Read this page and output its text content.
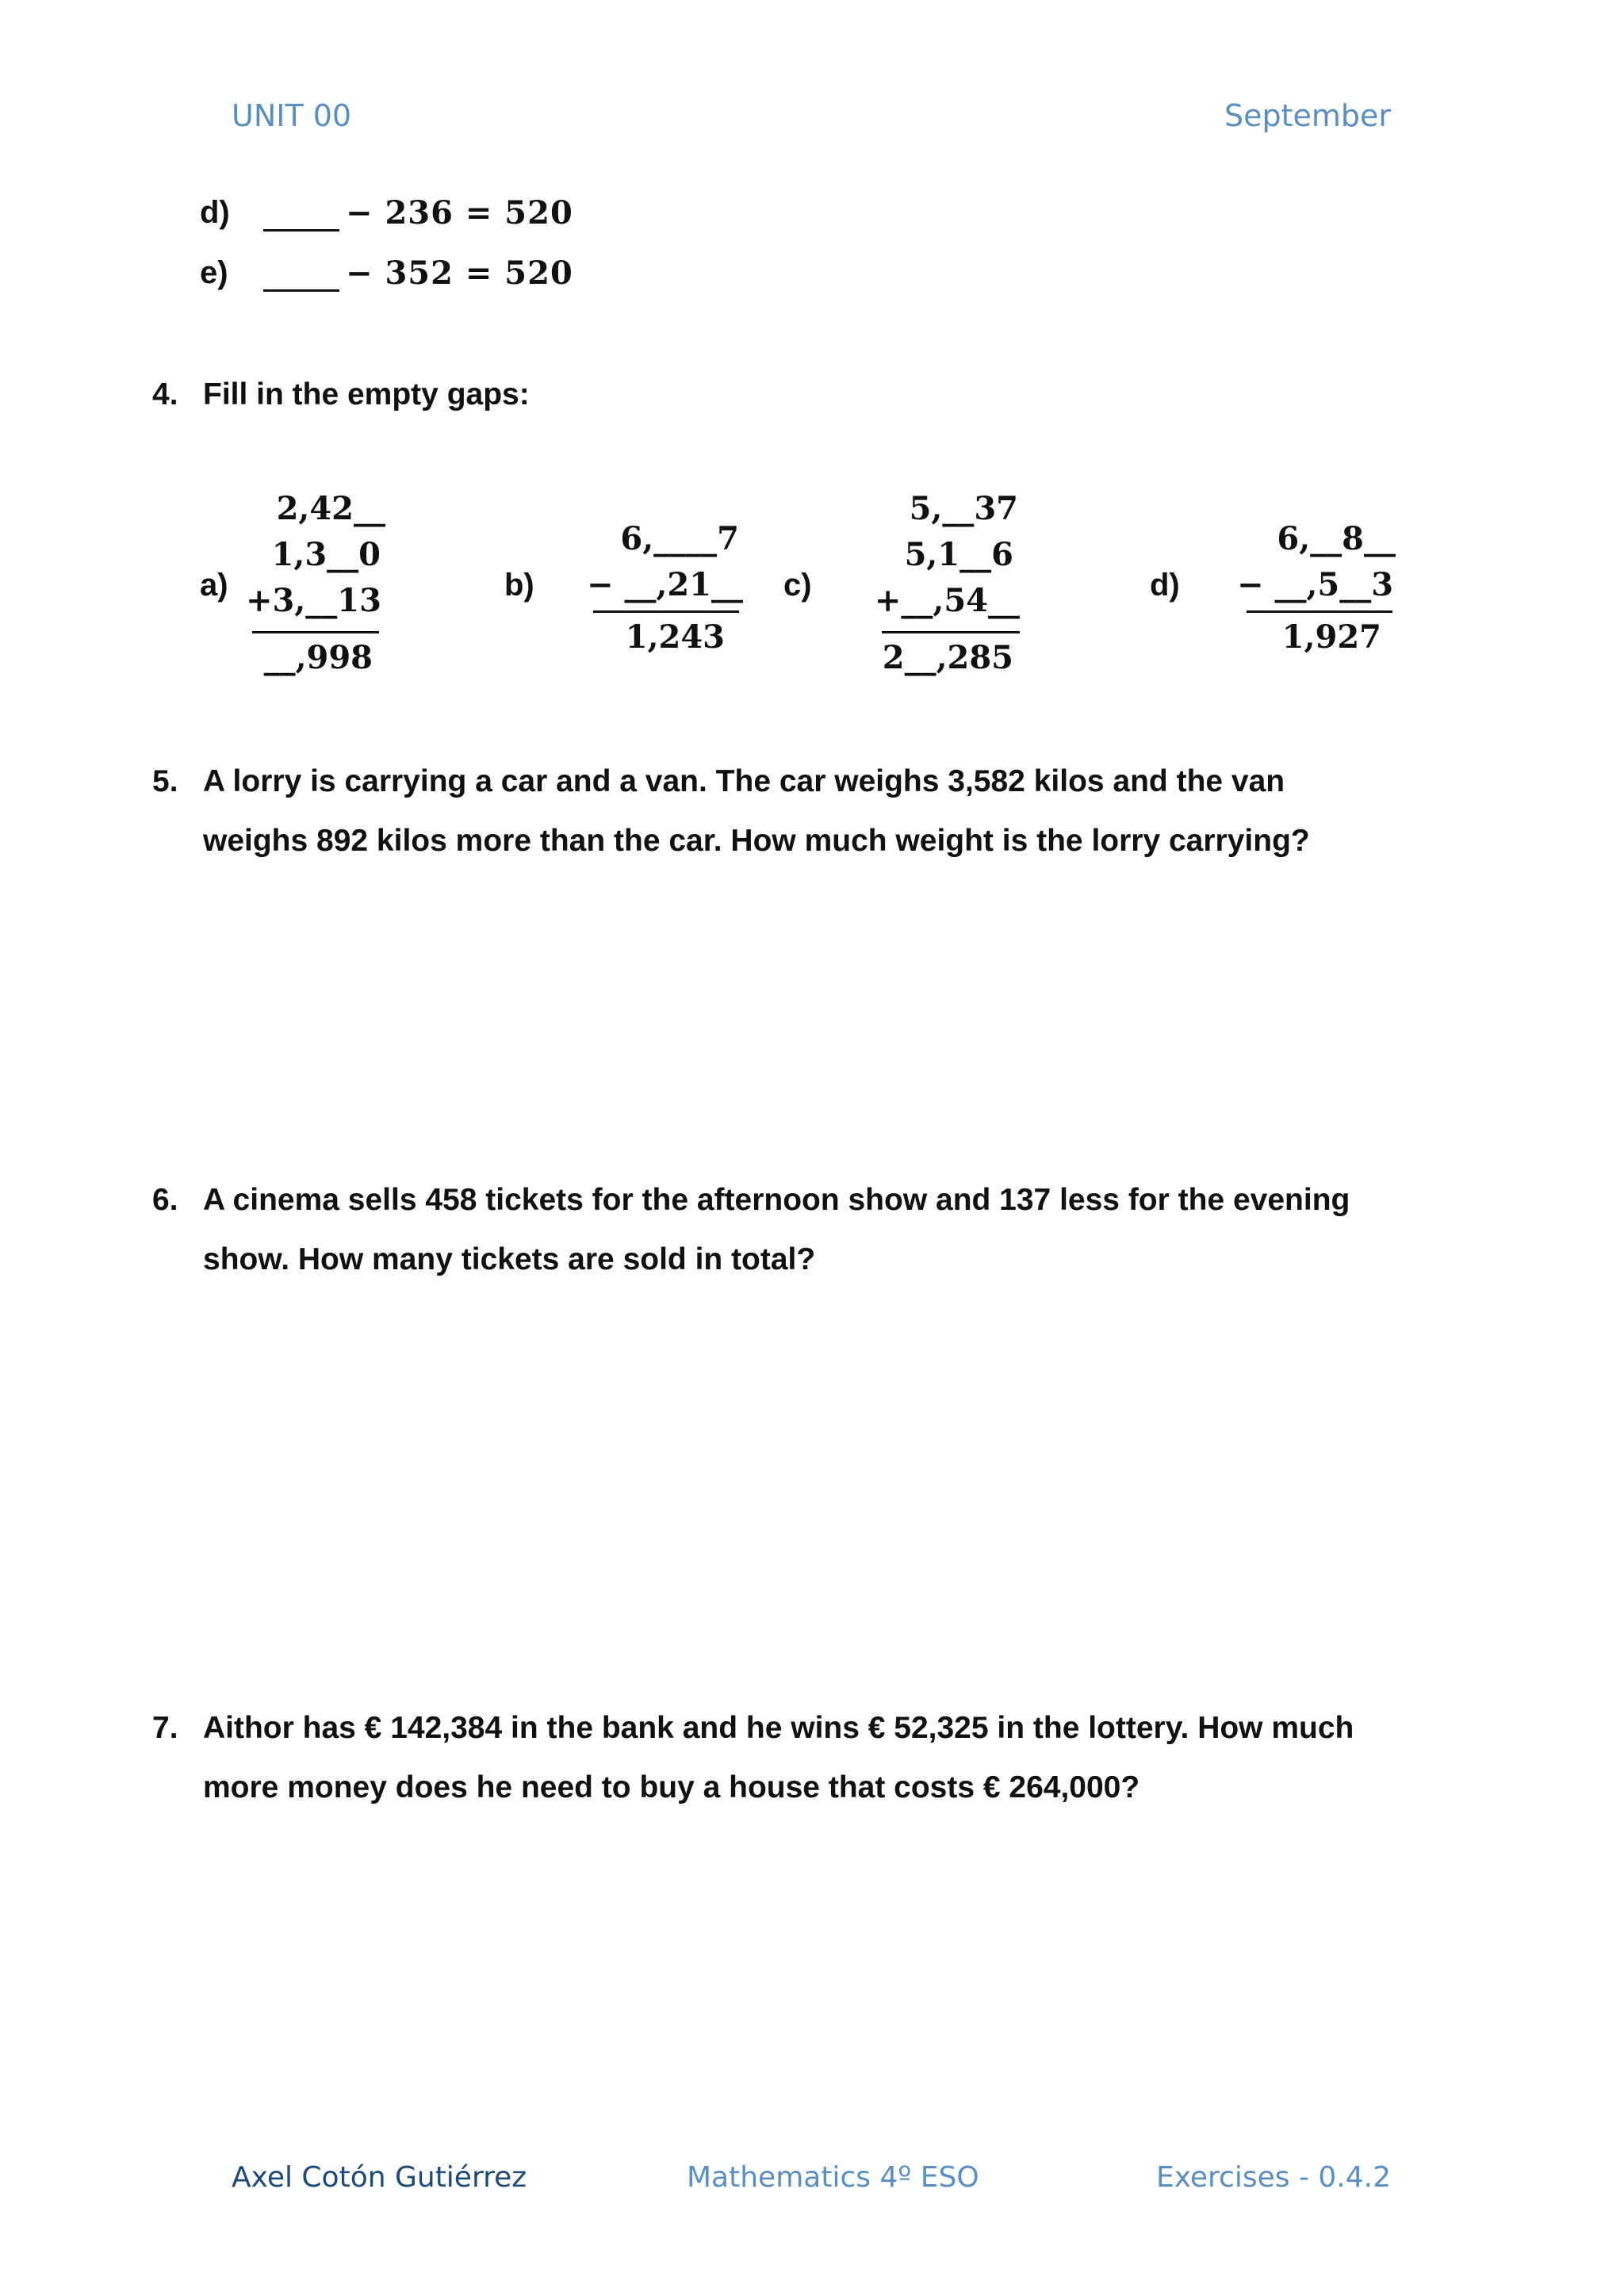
UNIT 00	September
d)	− 236 = 520
e)	− 352 = 520
4. Fill in the empty gaps:
a)
2,42__
1,3__0
+3,__13
__,998
b)
6,____7
− __,21__
1,243
c)
5,__37
5,1__6
+__,54__
2__,285
d)
6,__8__
− __,5__3
1,927
5. A lorry is carrying a car and a van. The car weighs 3,582 kilos and the van weighs 892 kilos more than the car. How much weight is the lorry carrying?
6. A cinema sells 458 tickets for the afternoon show and 137 less for the evening show. How many tickets are sold in total?
7. Aithor has € 142,384 in the bank and he wins € 52,325 in the lottery. How much more money does he need to buy a house that costs € 264,000?
Axel Cotón Gutiérrez	Mathematics 4º ESO	Exercises - 0.4.2
